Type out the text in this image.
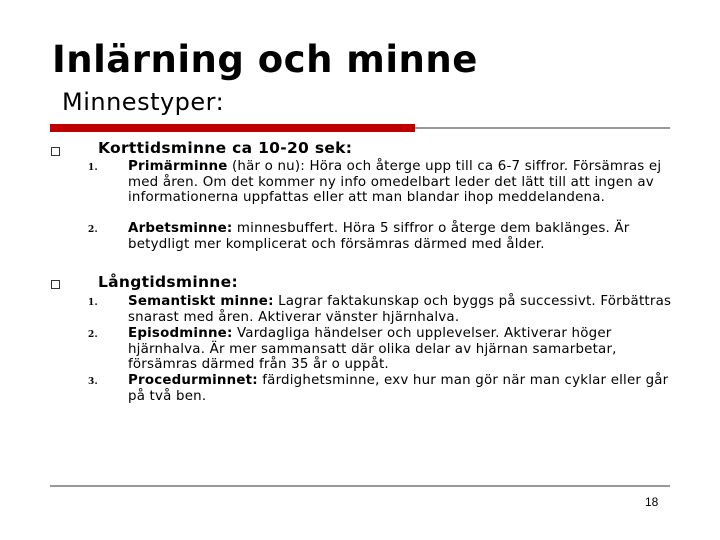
Inlärning och minne
Minnestyper:
Korttidsminne ca 10-20 sek:
1.	Primärminne (här o nu): Höra och återge upp till ca 6-7 siffror. Försämras ej med åren. Om det kommer ny info omedelbart leder det lätt till att ingen av informationerna uppfattas eller att man blandar ihop meddelandena.
2.	Arbetsminne: minnesbuffert. Höra 5 siffror o återge dem baklänges. Är betydligt mer komplicerat och försämras därmed med ålder.
Långtidsminne:
1.	Semantiskt minne: Lagrar faktakunskap och byggs på successivt. Förbättras snarast med åren. Aktiverar vänster hjärnhalva.
2.	Episodminne: Vardagliga händelser och upplevelser. Aktiverar höger hjärnhalva. Är mer sammansatt där olika delar av hjärnan samarbetar, försämras därmed från 35 år o uppåt.
3.	Procedurminnet: färdighetsminne, exv hur man gör när man cyklar eller går på två ben.
18
